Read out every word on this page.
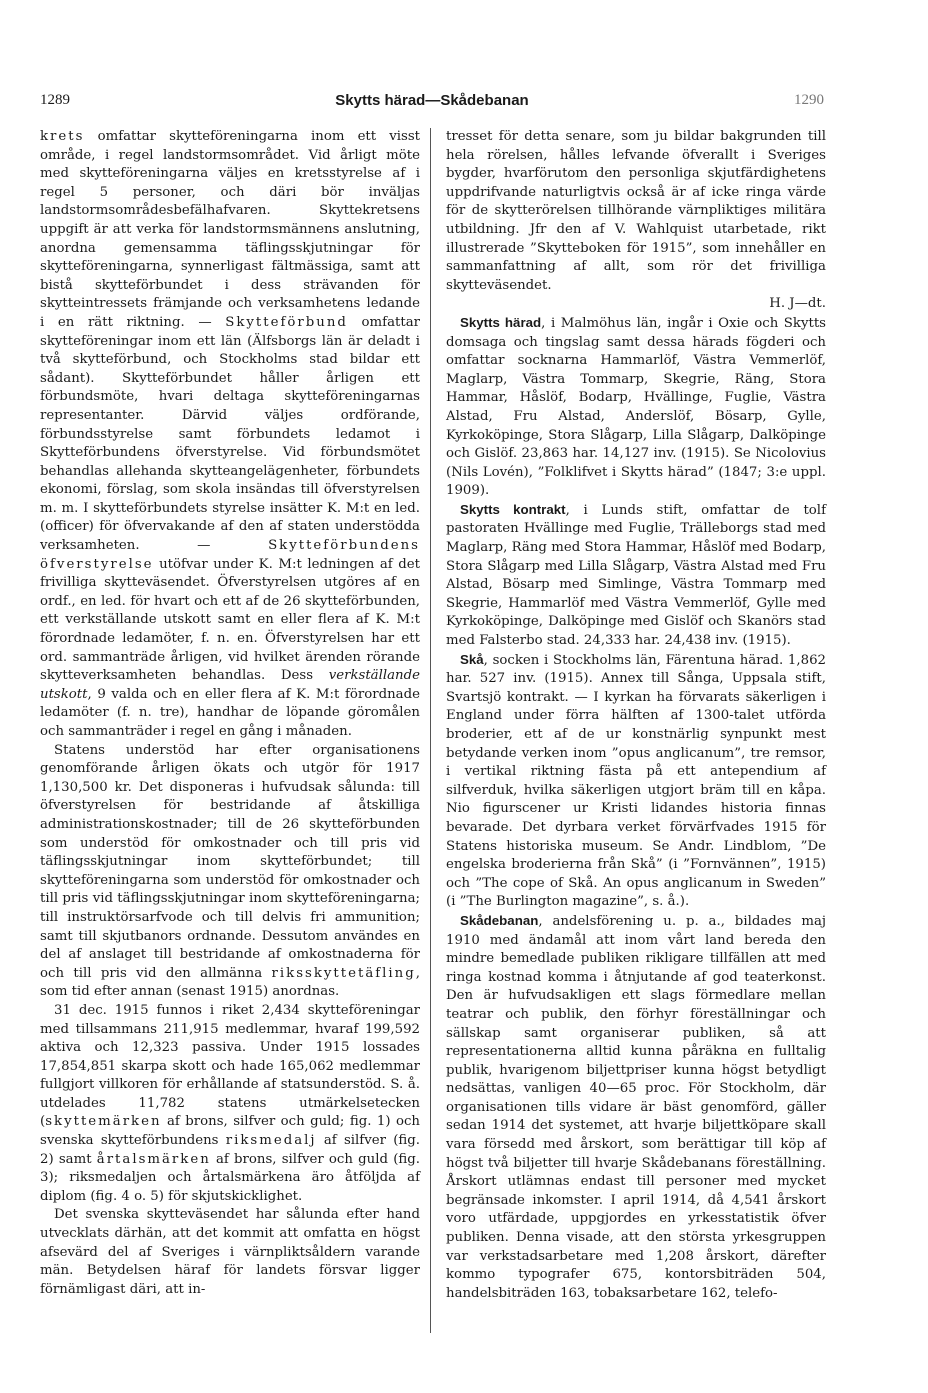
1289	Skytts härad—Skådebanan	1290

krets omfattar skytteföreningarna inom ett visst område, i regel landstormsområdet. Vid årligt möte med skytteföreningarna väljes en kretsstyrelse af i regel 5 personer, och däri bör inväljas landstormsområdesbefälhafvaren. Skyttekretsens uppgift är att verka för landstormsmännens anslutning, anordna gemensamma täflingsskjutningar för skytteföreningarna, synnerligast fältmässiga, samt att bistå skytteförbundet i dess strävanden för skytteintressets främjande och verksamhetens ledande i en rätt riktning. — Skytteförbund omfattar skytteföreningar inom ett län (Älfsborgs län är deladt i två skytteförbund, och Stockholms stad bildar ett sådant). Skytteförbundet håller årligen ett förbundsmöte, hvari deltaga skytteföreningarnas representanter. Därvid väljes ordförande, förbundsstyrelse samt förbundets ledamot i Skytteförbundens öfverstyrelse. Vid förbundsmötet behandlas allehanda skytteangelägenheter, förbundets ekonomi, förslag, som skola insändas till öfverstyrelsen m. m. I skytteförbundets styrelse insätter K. M:t en led. (officer) för öfvervakande af den af staten understödda verksamheten. — Skytteförbundens öfverstyrelse utöfvar under K. M:t ledningen af det frivilliga skytteväsendet. Öfverstyrelsen utgöres af en ordf., en led. för hvart och ett af de 26 skytteförbunden, ett verkställande utskott samt en eller flera af K. M:t förordnade ledamöter, f. n. en. Öfverstyrelsen har ett ord. sammanträde årligen, vid hvilket ärenden rörande skytteverksamheten behandlas. Dess verkställande utskott, 9 valda och en eller flera af K. M:t förordnade ledamöter (f. n. tre), handhar de löpande göromålen och sammanträder i regel en gång i månaden.

Statens understöd har efter organisationens genomförande årligen ökats och utgör för 1917 1,130,500 kr. Det disponeras i hufvudsak sålunda: till öfverstyrelsen för bestridande af åtskilliga administrationskostnader; till de 26 skytteförbunden som understöd för omkostnader och till pris vid täflingsskjutningar inom skytteförbundet; till skytteföreningarna som understöd för omkostnader och till pris vid täflingsskjutningar inom skytteföreningarna; till instruktörsarfvode och till delvis fri ammunition; samt till skjutbanors ordnande. Dessutom användes en del af anslaget till bestridande af omkostnaderna för och till pris vid den allmänna riksskyttetäfling, som tid efter annan (senast 1915) anordnas.

31 dec. 1915 funnos i riket 2,434 skytteföreningar med tillsammans 211,915 medlemmar, hvaraf 199,592 aktiva och 12,323 passiva. Under 1915 lossades 17,854,851 skarpa skott och hade 165,062 medlemmar fullgjort villkoren för erhållande af statsunderstöd. S. å. utdelades 11,782 statens utmärkelsetecken (skyttemärken af brons, silfver och guld; fig. 1) och svenska skytteförbundens riksmedalj af silfver (fig. 2) samt årtalsmärken af brons, silfver och guld (fig. 3); riksmedaljen och årtalsmärkena äro åtföljda af diplom (fig. 4 o. 5) för skjutskicklighet.

Det svenska skytteväsendet har sålunda efter hand utvecklats därhän, att det kommit att omfatta en högst afsevärd del af Sveriges i värnpliktsåldern varande män. Betydelsen häraf för landets försvar ligger förnämligast däri, att in-

tresset för detta senare, som ju bildar bakgrunden till hela rörelsen, hålles lefvande öfverallt i Sveriges bygder, hvarförutom den personliga skjutfärdighetens uppdrifvande naturligtvis också är af icke ringa värde för de skytterörelsen tillhörande värnpliktiges militära utbildning. Jfr den af V. Wahlquist utarbetade, rikt illustrerade ”Skytteboken för 1915”, som innehåller en sammanfattning af allt, som rör det frivilliga skytteväsendet.
H. J—dt.

Skytts härad, i Malmöhus län, ingår i Oxie och Skytts domsaga och tingslag samt dessa härads fögderi och omfattar socknarna Hammarlöf, Västra Vemmerlöf, Maglarp, Västra Tommarp, Skegrie, Räng, Stora Hammar, Håslöf, Bodarp, Hvällinge, Fuglie, Västra Alstad, Fru Alstad, Anderslöf, Bösarp, Gylle, Kyrkoköpinge, Stora Slågarp, Lilla Slågarp, Dalköpinge och Gislöf. 23,863 har. 14,127 inv. (1915). Se Nicolovius (Nils Lovén), ”Folklifvet i Skytts härad” (1847; 3:e uppl. 1909).

Skytts kontrakt, i Lunds stift, omfattar de tolf pastoraten Hvällinge med Fuglie, Trälleborgs stad med Maglarp, Räng med Stora Hammar, Håslöf med Bodarp, Stora Slågarp med Lilla Slågarp, Västra Alstad med Fru Alstad, Bösarp med Simlinge, Västra Tommarp med Skegrie, Hammarlöf med Västra Vemmerlöf, Gylle med Kyrkoköpinge, Dalköpinge med Gislöf och Skanörs stad med Falsterbo stad. 24,333 har. 24,438 inv. (1915).

Skå, socken i Stockholms län, Färentuna härad. 1,862 har. 527 inv. (1915). Annex till Sånga, Uppsala stift, Svartsjö kontrakt. — I kyrkan ha förvarats säkerligen i England under förra hälften af 1300-talet utförda broderier, ett af de ur konstnärlig synpunkt mest betydande verken inom ”opus anglicanum”, tre remsor, i vertikal riktning fästa på ett antependium af silfverduk, hvilka säkerligen utgjort bräm till en kåpa. Nio figurscener ur Kristi lidandes historia finnas bevarade. Det dyrbara verket förvärfvades 1915 för Statens historiska museum. Se Andr. Lindblom, ”De engelska broderierna från Skå” (i ”Fornvännen”, 1915) och ”The cope of Skå. An opus anglicanum in Sweden” (i ”The Burlington magazine”, s. å.).

Skådebanan, andelsförening u. p. a., bildades maj 1910 med ändamål att inom vårt land bereda den mindre bemedlade publiken rikligare tillfällen att med ringa kostnad komma i åtnjutande af god teaterkonst. Den är hufvudsakligen ett slags förmedlare mellan teatrar och publik, den förhyr föreställningar och sällskap samt organiserar publiken, så att representationerna alltid kunna påräkna en fulltalig publik, hvarigenom biljettpriser kunna högst betydligt nedsättas, vanligen 40—65 proc. För Stockholm, där organisationen tills vidare är bäst genomförd, gäller sedan 1914 det systemet, att hvarje biljettköpare skall vara försedd med årskort, som berättigar till köp af högst två biljetter till hvarje Skådebanans föreställning. Årskort utlämnas endast till personer med mycket begränsade inkomster. I april 1914, då 4,541 årskort voro utfärdade, uppgjordes en yrkesstatistik öfver publiken. Denna visade, att den största yrkesgruppen var verkstadsarbetare med 1,208 årskort, därefter kommo typografer 675, kontorsbiträden 504, handelsbiträden 163, tobaksarbetare 162, telefo-
